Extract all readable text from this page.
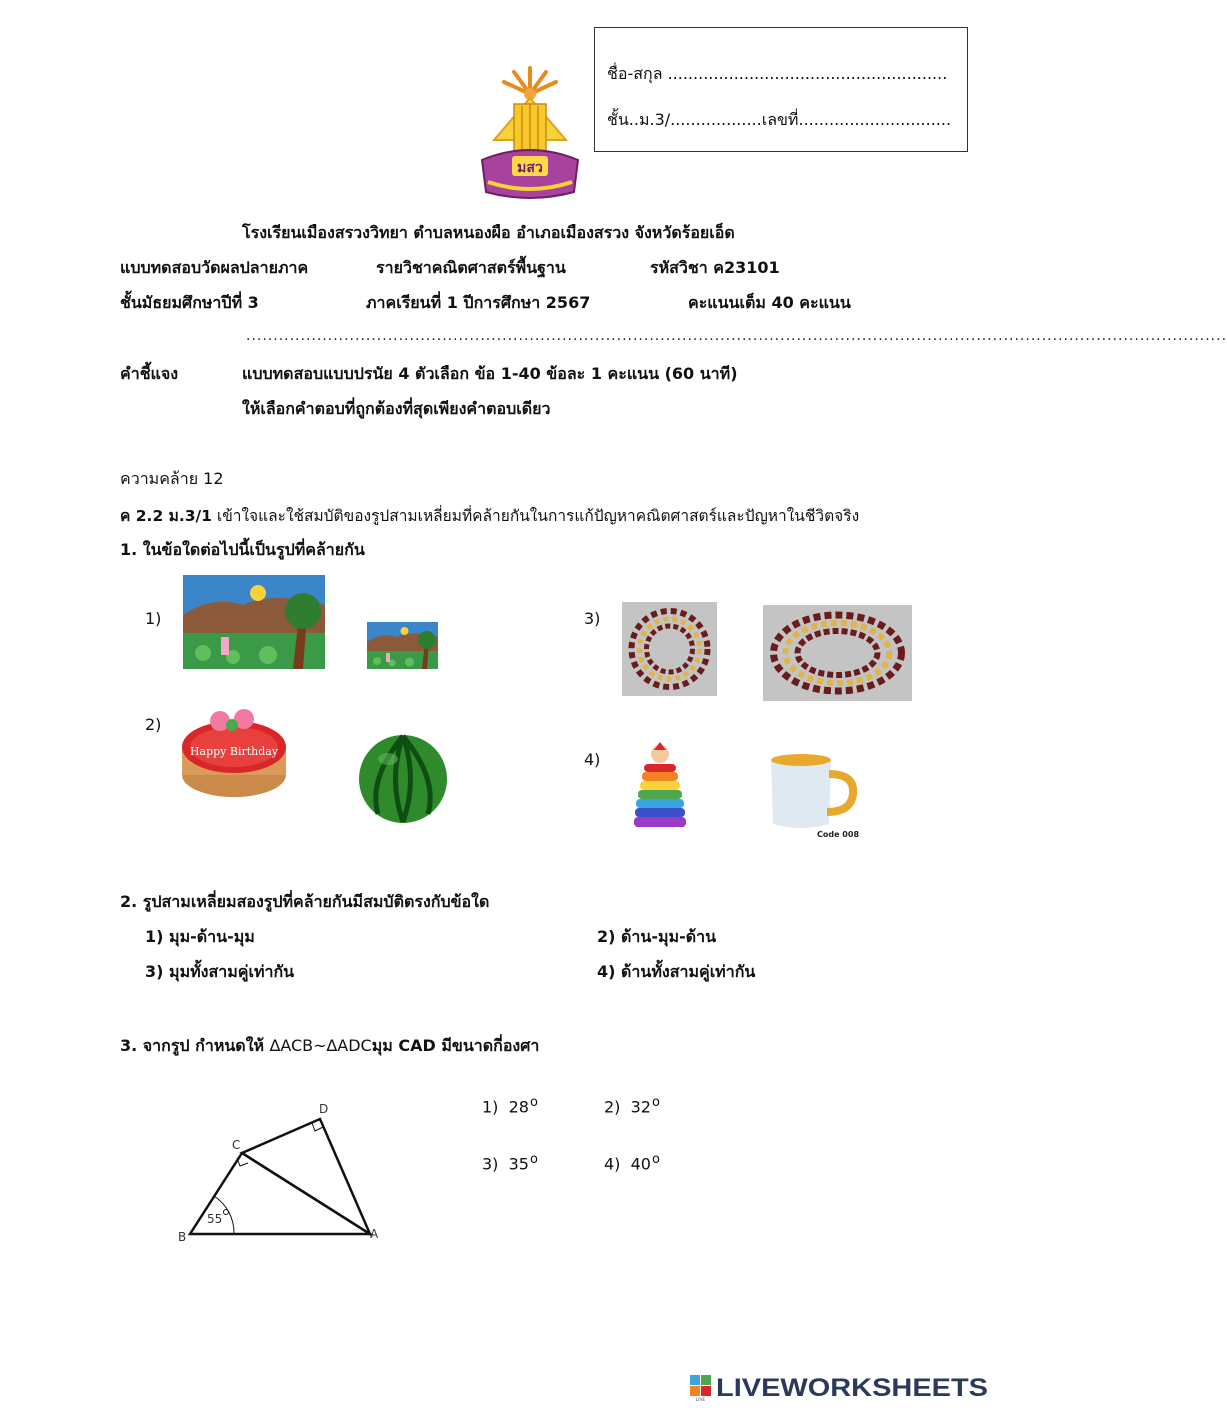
ชื่อ-สกุล .......................................................
ชั้น..ม.3/..................เลขที่..............................
มสว
โรงเรียนเมืองสรวงวิทยา ตำบลหนองผือ อำเภอเมืองสรวง จังหวัดร้อยเอ็ด
แบบทดสอบวัดผลปลายภาค	รายวิชาคณิตศาสตร์พื้นฐาน	รหัสวิชา ค23101
ชั้นมัธยมศึกษาปีที่ 3	ภาคเรียนที่ 1 ปีการศึกษา 2567	คะแนนเต็ม 40 คะแนน
....................................................................................................................................................................................
คำชี้แจง	แบบทดสอบแบบปรนัย 4 ตัวเลือก ข้อ 1-40 ข้อละ 1 คะแนน (60 นาที)
ให้เลือกคำตอบที่ถูกต้องที่สุดเพียงคำตอบเดียว
ความคล้าย 12
ค 2.2 ม.3/1 เข้าใจและใช้สมบัติของรูปสามเหลี่ยมที่คล้ายกันในการแก้ปัญหาคณิตศาสตร์และปัญหาในชีวิตจริง
1. ในข้อใดต่อไปนี้เป็นรูปที่คล้ายกัน
1)
2)
3)
4)
Happy Birthday
Code 008
2. รูปสามเหลี่ยมสองรูปที่คล้ายกันมีสมบัติตรงกับข้อใด
1) มุม-ด้าน-มุม	2) ด้าน-มุม-ด้าน
3) มุมทั้งสามคู่เท่ากัน	4) ด้านทั้งสามคู่เท่ากัน
3. จากรูป กำหนดให้ ∆ACB~∆ADCมุม CAD มีขนาดกี่องศา
1) 28$^o$	2) 32$^o$
3) 35$^o$	4) 40$^o$
B	A
C
D
55
LIVE LIVEWORKSHEETS
